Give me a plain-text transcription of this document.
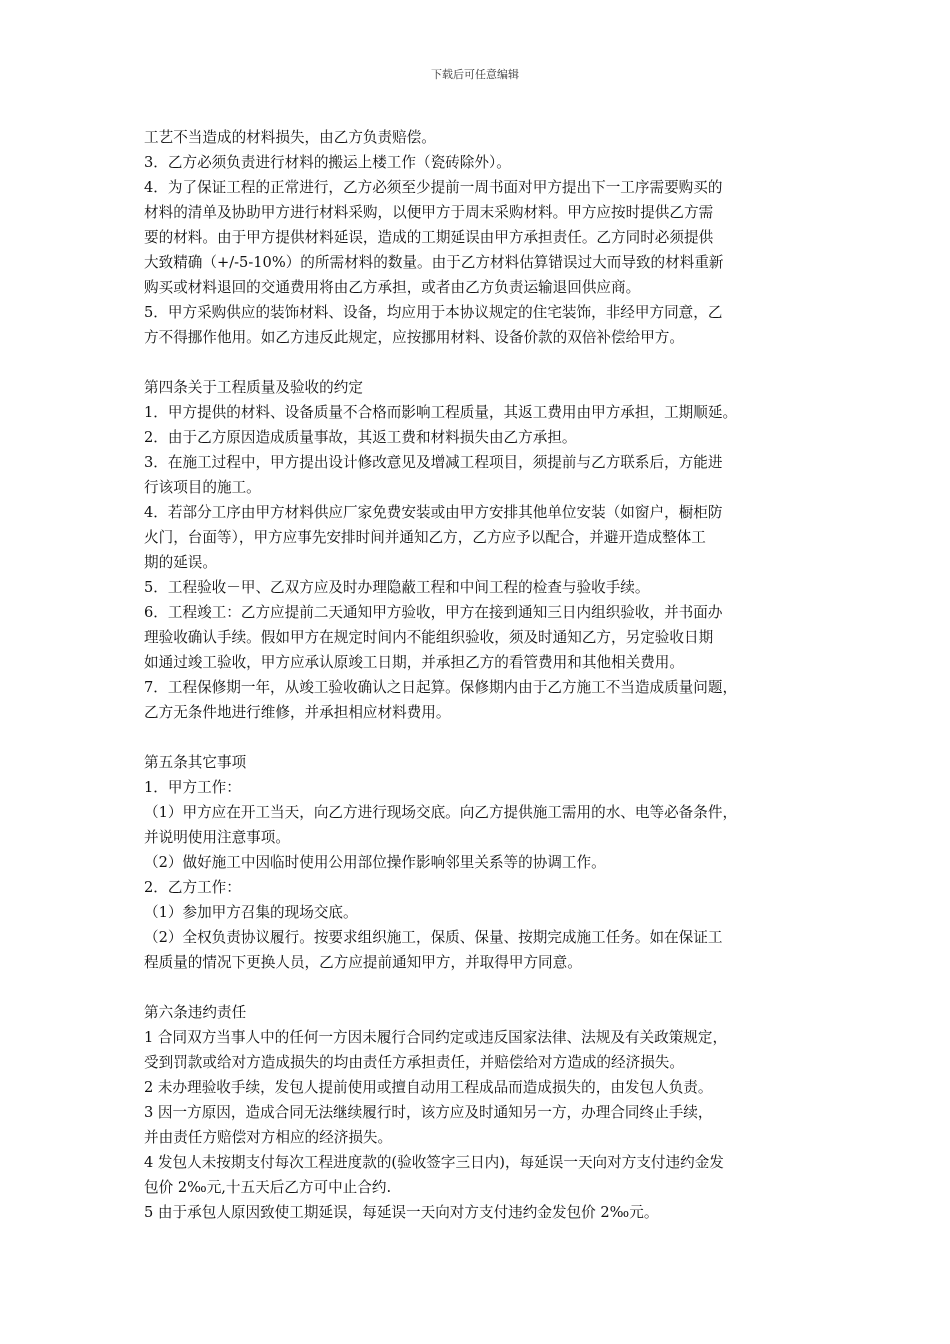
下载后可任意编辑
工艺不当造成的材料损失，由乙方负责赔偿。
3．乙方必须负责进行材料的搬运上楼工作（瓷砖除外）。
4．为了保证工程的正常进行，乙方必须至少提前一周书面对甲方提出下一工序需要购买的
材料的清单及协助甲方进行材料采购，以便甲方于周末采购材料。甲方应按时提供乙方需
要的材料。由于甲方提供材料延误，造成的工期延误由甲方承担责任。乙方同时必须提供
大致精确（+/-5-10%）的所需材料的数量。由于乙方材料估算错误过大而导致的材料重新
购买或材料退回的交通费用将由乙方承担，或者由乙方负责运输退回供应商。
5．甲方采购供应的装饰材料、设备，均应用于本协议规定的住宅装饰，非经甲方同意，乙
方不得挪作他用。如乙方违反此规定，应按挪用材料、设备价款的双倍补偿给甲方。
第四条关于工程质量及验收的约定
1．甲方提供的材料、设备质量不合格而影响工程质量，其返工费用由甲方承担，工期顺延。
2．由于乙方原因造成质量事故，其返工费和材料损失由乙方承担。
3．在施工过程中，甲方提出设计修改意见及增减工程项目，须提前与乙方联系后，方能进
行该项目的施工。
4．若部分工序由甲方材料供应厂家免费安装或由甲方安排其他单位安装（如窗户，橱柜防
火门，台面等），甲方应事先安排时间并通知乙方，乙方应予以配合，并避开造成整体工
期的延误。
5．工程验收－甲、乙双方应及时办理隐蔽工程和中间工程的检查与验收手续。
6．工程竣工：乙方应提前二天通知甲方验收，甲方在接到通知三日内组织验收，并书面办
理验收确认手续。假如甲方在规定时间内不能组织验收，须及时通知乙方，另定验收日期
如通过竣工验收，甲方应承认原竣工日期，并承担乙方的看管费用和其他相关费用。
7．工程保修期一年，从竣工验收确认之日起算。保修期内由于乙方施工不当造成质量问题，
乙方无条件地进行维修，并承担相应材料费用。
第五条其它事项
1．甲方工作：
（1）甲方应在开工当天，向乙方进行现场交底。向乙方提供施工需用的水、电等必备条件，
并说明使用注意事项。
（2）做好施工中因临时使用公用部位操作影响邻里关系等的协调工作。
2．乙方工作：
（1）参加甲方召集的现场交底。
（2）全权负责协议履行。按要求组织施工，保质、保量、按期完成施工任务。如在保证工
程质量的情况下更换人员，乙方应提前通知甲方，并取得甲方同意。
第六条违约责任
1 合同双方当事人中的任何一方因未履行合同约定或违反国家法律、法规及有关政策规定，
受到罚款或给对方造成损失的均由责任方承担责任，并赔偿给对方造成的经济损失。
2 未办理验收手续，发包人提前使用或擅自动用工程成品而造成损失的，由发包人负责。
3 因一方原因，造成合同无法继续履行时，该方应及时通知另一方，办理合同终止手续，
并由责任方赔偿对方相应的经济损失。
4 发包人未按期支付每次工程进度款的(验收签字三日内)，每延误一天向对方支付违约金发
包价 2‰元,十五天后乙方可中止合约.
5 由于承包人原因致使工期延误，每延误一天向对方支付违约金发包价 2‰元。
